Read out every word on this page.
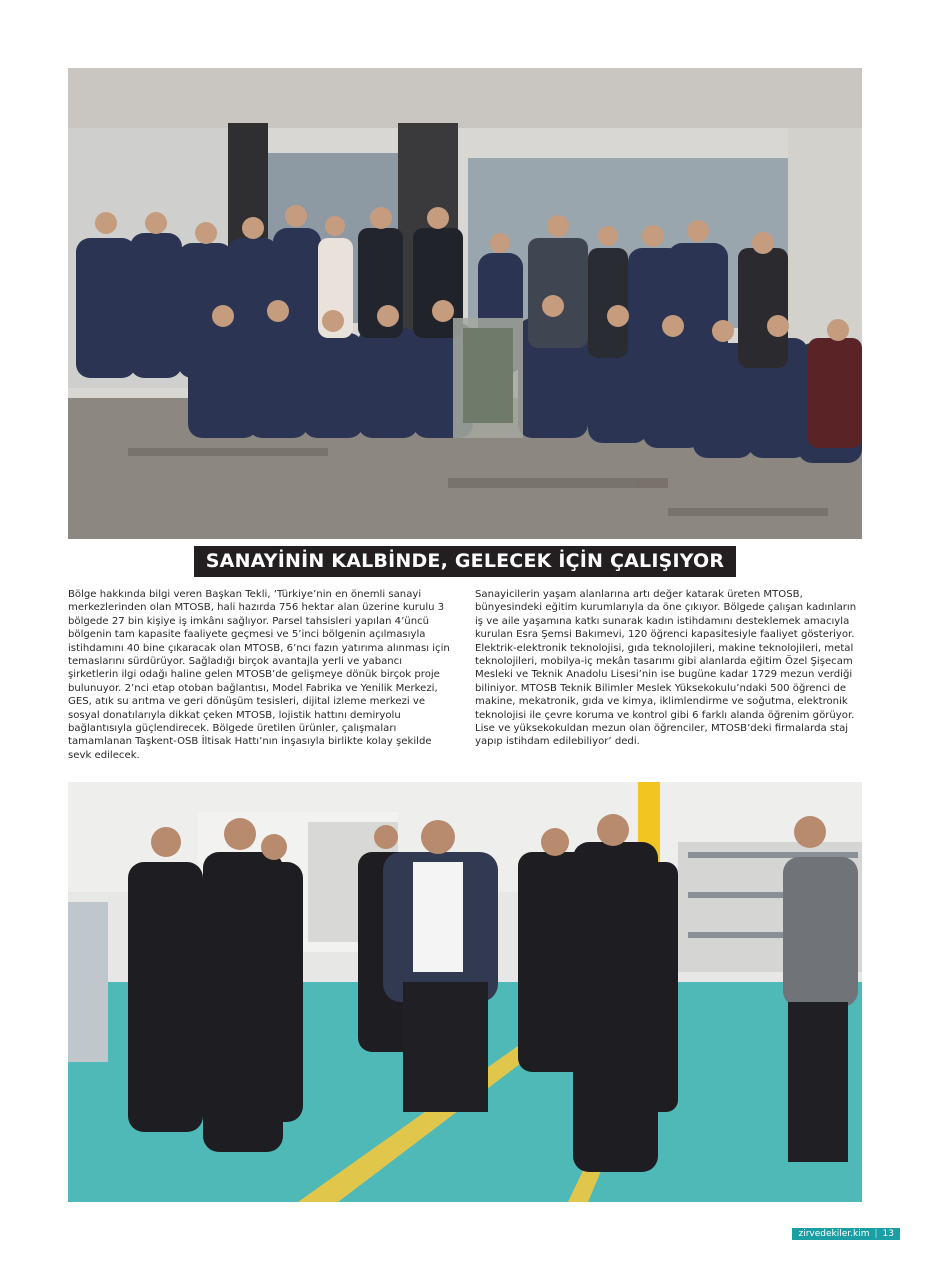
SANAYİNİN KALBİNDE, GELECEK İÇİN ÇALIŞIYOR

Bölge hakkında bilgi veren Başkan Tekli, ‘Türkiye’nin en önemli sanayi merkezlerinden olan MTOSB, hali hazırda 756 hektar alan üzerine kurulu 3 bölgede 27 bin kişiye iş imkânı sağlıyor. Parsel tahsisleri yapılan 4’üncü bölgenin tam kapasite faaliyete geçmesi ve 5’inci bölgenin açılmasıyla istihdamını 40 bine çıkaracak olan MTOSB, 6’ncı fazın yatırıma alınması için temaslarını sürdürüyor. Sağladığı birçok avantajla yerli ve yabancı şirketlerin ilgi odağı haline gelen MTOSB’de gelişmeye dönük birçok proje bulunuyor. 2’nci etap otoban bağlantısı, Model Fabrika ve Yenilik Merkezi, GES, atık su arıtma ve geri dönüşüm tesisleri, dijital izleme merkezi ve sosyal donatılarıyla dikkat çeken MTOSB, lojistik hattını demiryolu bağlantısıyla güçlendirecek. Bölgede üretilen ürünler, çalışmaları tamamlanan Taşkent-OSB İltisak Hattı’nın inşasıyla birlikte kolay şekilde sevk edilecek.

Sanayicilerin yaşam alanlarına artı değer katarak üreten MTOSB, bünyesindeki eğitim kurumlarıyla da öne çıkıyor. Bölgede çalışan kadınların iş ve aile yaşamına katkı sunarak kadın istihdamını desteklemek amacıyla kurulan Esra Şemsi Bakımevi, 120 öğrenci kapasitesiyle faaliyet gösteriyor. Elektrik-elektronik teknolojisi, gıda teknolojileri, makine teknolojileri, metal teknolojileri, mobilya-iç mekân tasarımı gibi alanlarda eğitim Özel Şişecam Mesleki ve Teknik Anadolu Lisesi’nin ise bugüne kadar 1729 mezun verdiği biliniyor. MTOSB Teknik Bilimler Meslek Yüksekokulu’ndaki 500 öğrenci de makine, mekatronik, gıda ve kimya, iklimlendirme ve soğutma, elektronik teknolojisi ile çevre koruma ve kontrol gibi 6 farklı alanda öğrenim görüyor. Lise ve yüksekokuldan mezun olan öğrenciler, MTOSB’deki firmalarda staj yapıp istihdam edilebiliyor’ dedi.

zirvedekiler.kim | 13
